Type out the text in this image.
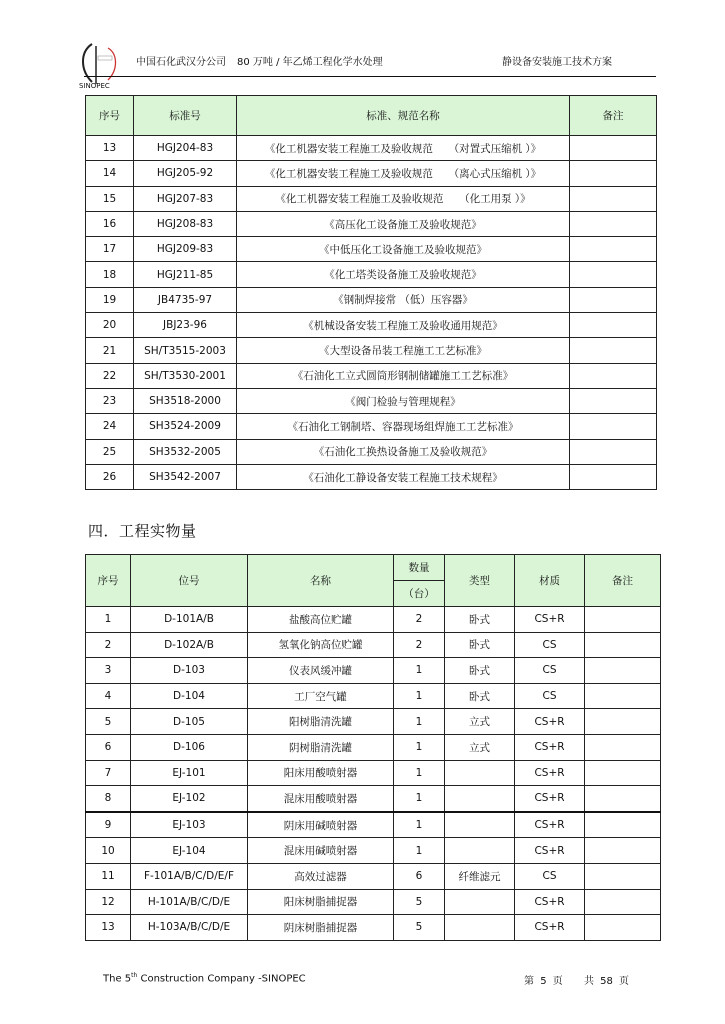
SINOPEC
中国石化武汉分公司 80 万吨 / 年乙烯工程化学水处理	静设备安装施工技术方案
序号	标准号	标准、规范名称	备注
13	HGJ204-83	《化工机器安装工程施工及验收规范　　（对置式压缩机 ）》	
14	HGJ205-92	《化工机器安装工程施工及验收规范　　（离心式压缩机 ）》	
15	HGJ207-83	《化工机器安装工程施工及验收规范　　（化工用泵 ）》	
16	HGJ208-83	《高压化工设备施工及验收规范》	
17	HGJ209-83	《中低压化工设备施工及验收规范》	
18	HGJ211-85	《化工塔类设备施工及验收规范》	
19	JB4735-97	《钢制焊接常 （低）压容器》	
20	JBJ23-96	《机械设备安装工程施工及验收通用规范》	
21	SH/T3515-2003	《大型设备吊装工程施工工艺标准》	
22	SH/T3530-2001	《石油化工立式圆筒形钢制储罐施工工艺标准》	
23	SH3518-2000	《阀门检验与管理规程》	
24	SH3524-2009	《石油化工钢制塔、容器现场组焊施工工艺标准》	
25	SH3532-2005	《石油化工换热设备施工及验收规范》	
26	SH3542-2007	《石油化工静设备安装工程施工技术规程》	
四．工程实物量
序号	位号	名称	数量	类型	材质	备注
			（台）			
1	D-101A/B	盐酸高位贮罐	2	卧式	CS+R	
2	D-102A/B	氢氧化钠高位贮罐	2	卧式	CS	
3	D-103	仪表风缓冲罐	1	卧式	CS	
4	D-104	工厂空气罐	1	卧式	CS	
5	D-105	阳树脂清洗罐	1	立式	CS+R	
6	D-106	阴树脂清洗罐	1	立式	CS+R	
7	EJ-101	阳床用酸喷射器	1		CS+R	
8	EJ-102	混床用酸喷射器	1		CS+R	
9	EJ-103	阴床用碱喷射器	1		CS+R	
10	EJ-104	混床用碱喷射器	1		CS+R	
11	F-101A/B/C/D/E/F	高效过滤器	6	纤维滤元	CS	
12	H-101A/B/C/D/E	阳床树脂捕捉器	5		CS+R	
13	H-103A/B/C/D/E	阴床树脂捕捉器	5		CS+R	
The 5th Construction Company -SINOPEC	第 5 页 共 58 页
